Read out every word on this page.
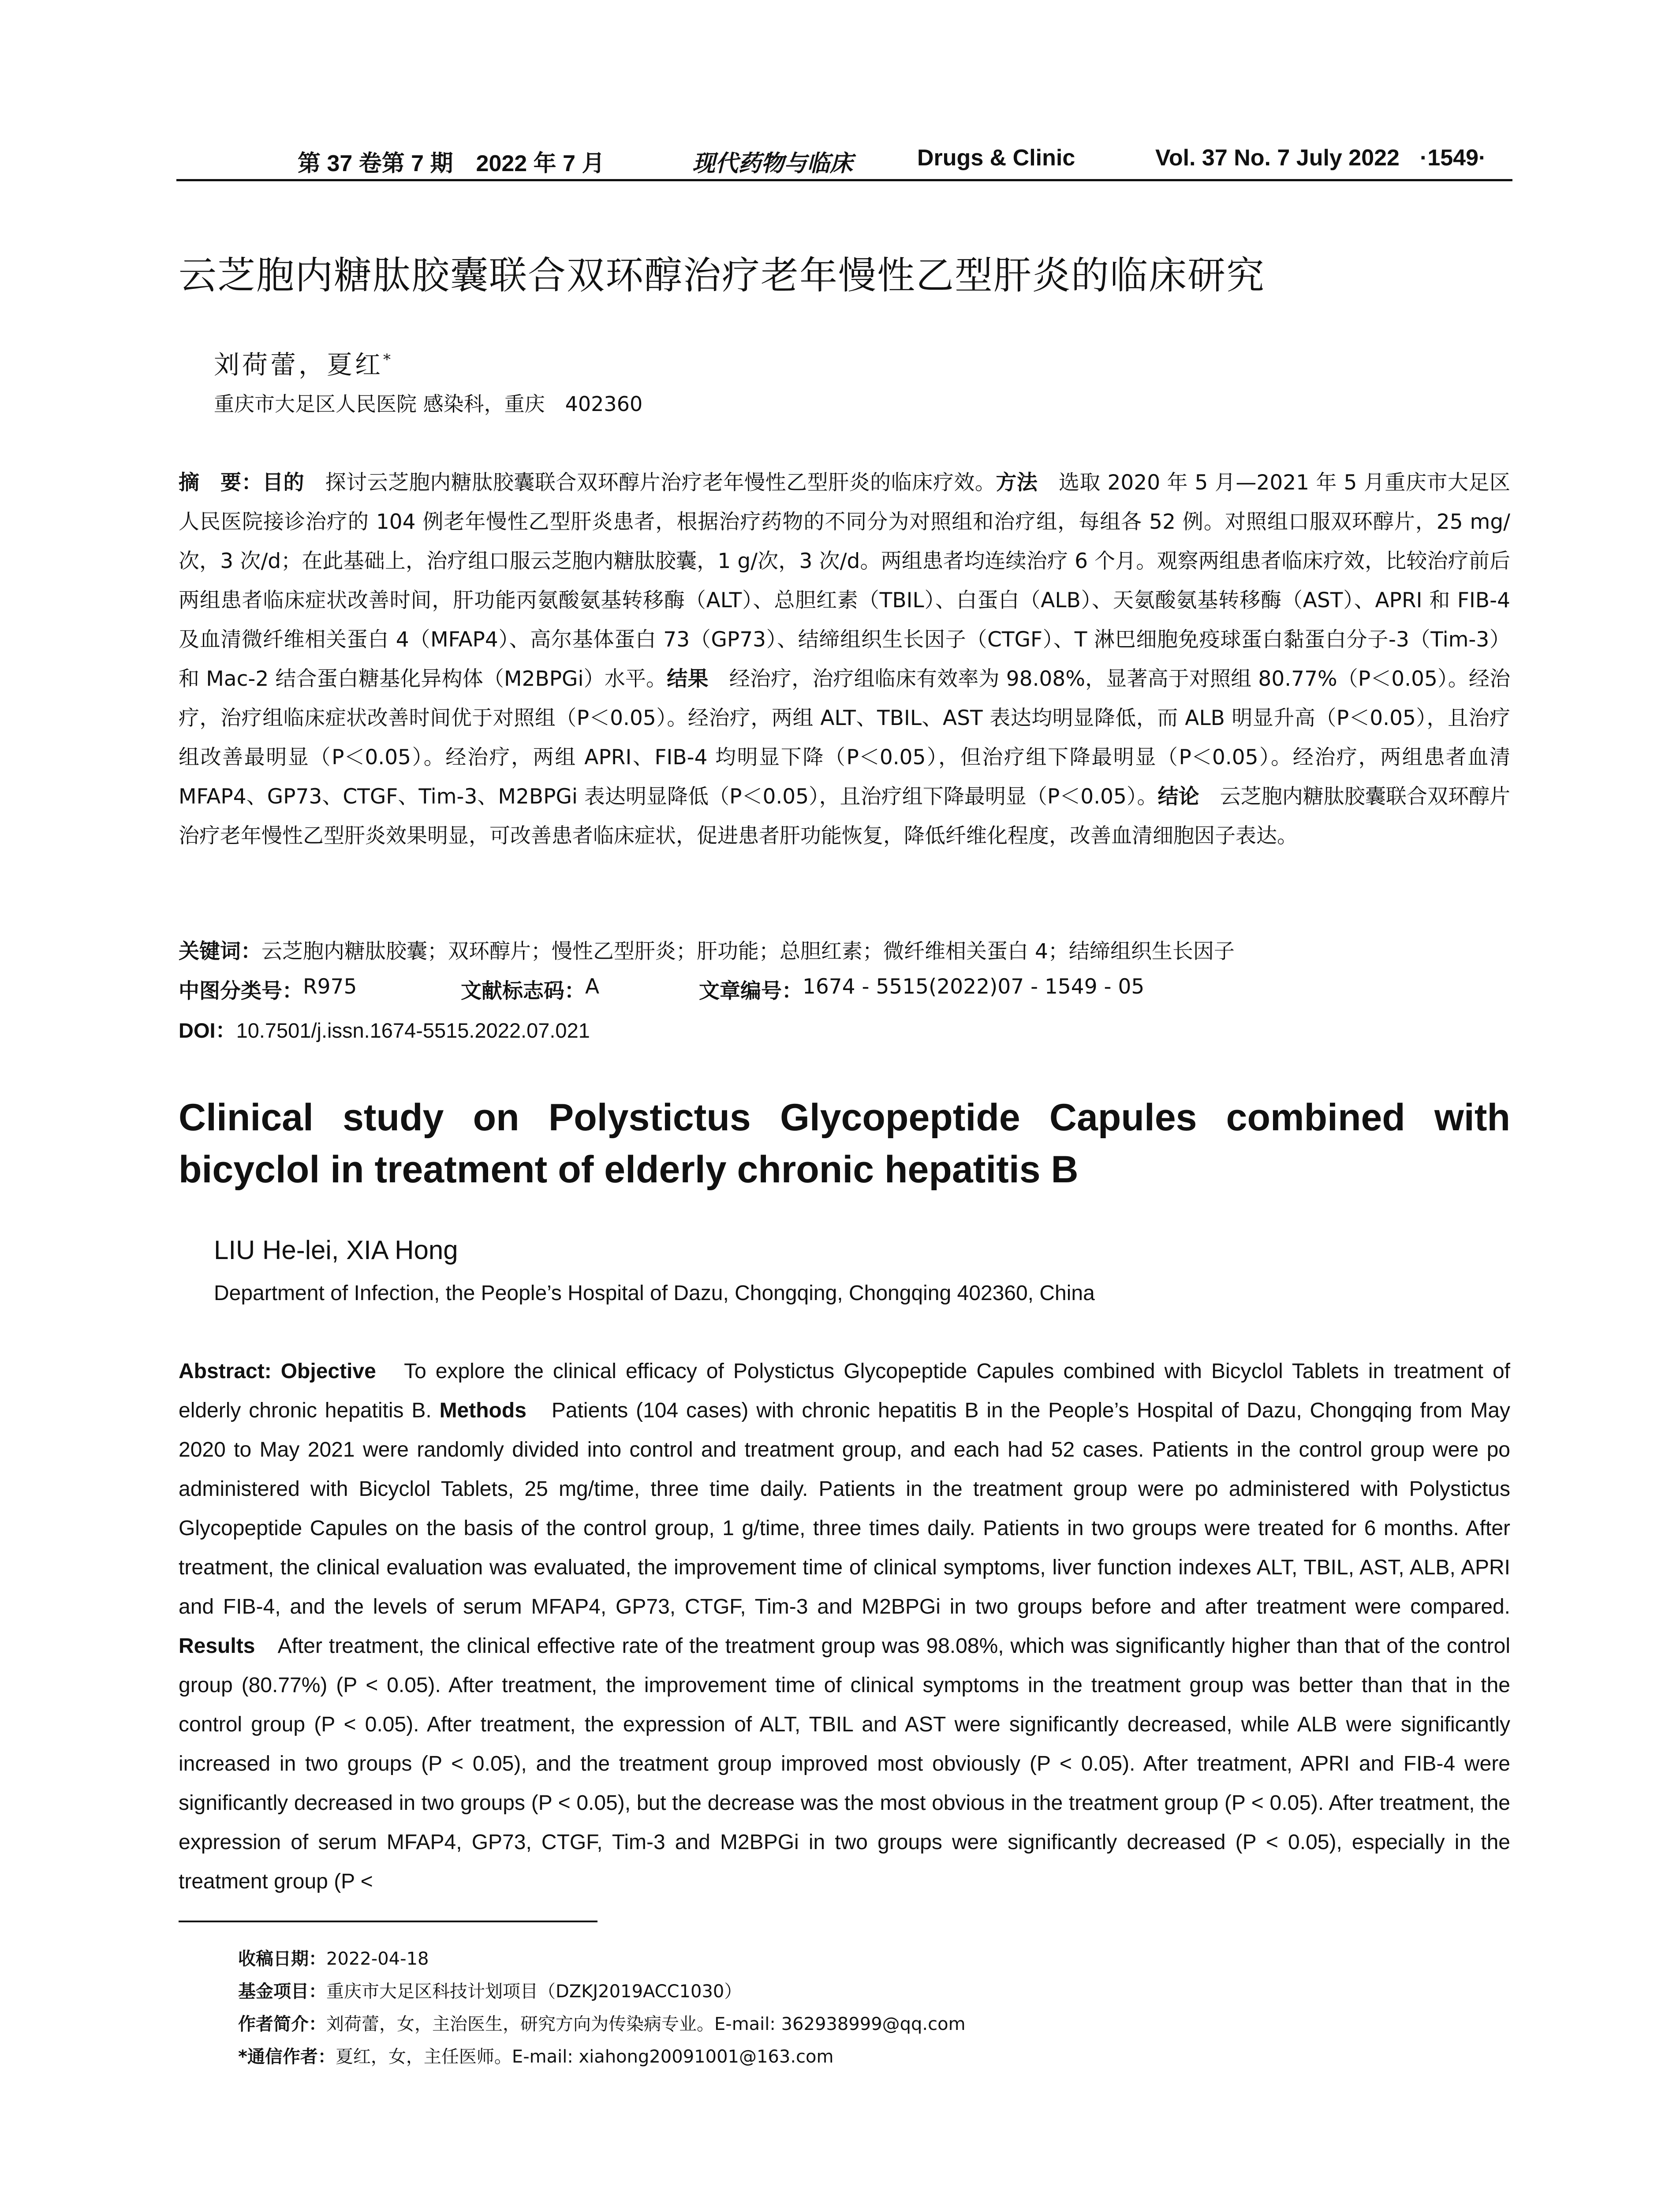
第 37 卷第 7 期　2022 年 7 月	现代药物与临床	Drugs & Clinic	Vol. 37 No. 7 July 2022 ·1549·
云芝胞内糖肽胶囊联合双环醇治疗老年慢性乙型肝炎的临床研究
刘荷蕾，夏红*
重庆市大足区人民医院 感染科，重庆　402360
摘　要：目的　探讨云芝胞内糖肽胶囊联合双环醇片治疗老年慢性乙型肝炎的临床疗效。方法　选取 2020 年 5 月—2021 年 5 月重庆市大足区人民医院接诊治疗的 104 例老年慢性乙型肝炎患者，根据治疗药物的不同分为对照组和治疗组，每组各 52 例。对照组口服双环醇片，25 mg/次，3 次/d；在此基础上，治疗组口服云芝胞内糖肽胶囊，1 g/次，3 次/d。两组患者均连续治疗 6 个月。观察两组患者临床疗效，比较治疗前后两组患者临床症状改善时间，肝功能丙氨酸氨基转移酶（ALT）、总胆红素（TBIL）、白蛋白（ALB）、天氨酸氨基转移酶（AST）、APRI 和 FIB-4 及血清微纤维相关蛋白 4（MFAP4）、高尔基体蛋白 73（GP73）、结缔组织生长因子（CTGF）、T 淋巴细胞免疫球蛋白黏蛋白分子-3（Tim-3）和 Mac-2 结合蛋白糖基化异构体（M2BPGi）水平。结果　经治疗，治疗组临床有效率为 98.08%，显著高于对照组 80.77%（P＜0.05）。经治疗，治疗组临床症状改善时间优于对照组（P＜0.05）。经治疗，两组 ALT、TBIL、AST 表达均明显降低，而 ALB 明显升高（P＜0.05），且治疗组改善最明显（P＜0.05）。经治疗，两组 APRI、FIB-4 均明显下降（P＜0.05），但治疗组下降最明显（P＜0.05）。经治疗，两组患者血清 MFAP4、GP73、CTGF、Tim-3、M2BPGi 表达明显降低（P＜0.05），且治疗组下降最明显（P＜0.05）。结论　云芝胞内糖肽胶囊联合双环醇片治疗老年慢性乙型肝炎效果明显，可改善患者临床症状，促进患者肝功能恢复，降低纤维化程度，改善血清细胞因子表达。
关键词：云芝胞内糖肽胶囊；双环醇片；慢性乙型肝炎；肝功能；总胆红素；微纤维相关蛋白 4；结缔组织生长因子
中图分类号： R975	文献标志码： A	文章编号： 1674 - 5515(2022)07 - 1549 - 05
DOI：10.7501/j.issn.1674-5515.2022.07.021
Clinical study on Polystictus Glycopeptide Capules combined with bicyclol in treatment of elderly chronic hepatitis B
LIU He-lei, XIA Hong
Department of Infection, the People’s Hospital of Dazu, Chongqing, Chongqing 402360, China
Abstract: Objective　To explore the clinical efficacy of Polystictus Glycopeptide Capules combined with Bicyclol Tablets in treatment of elderly chronic hepatitis B. Methods　Patients (104 cases) with chronic hepatitis B in the People’s Hospital of Dazu, Chongqing from May 2020 to May 2021 were randomly divided into control and treatment group, and each had 52 cases. Patients in the control group were po administered with Bicyclol Tablets, 25 mg/time, three time daily. Patients in the treatment group were po administered with Polystictus Glycopeptide Capules on the basis of the control group, 1 g/time, three times daily. Patients in two groups were treated for 6 months. After treatment, the clinical evaluation was evaluated, the improvement time of clinical symptoms, liver function indexes ALT, TBIL, AST, ALB, APRI and FIB-4, and the levels of serum MFAP4, GP73, CTGF, Tim-3 and M2BPGi in two groups before and after treatment were compared. Results　After treatment, the clinical effective rate of the treatment group was 98.08%, which was significantly higher than that of the control group (80.77%) (P < 0.05). After treatment, the improvement time of clinical symptoms in the treatment group was better than that in the control group (P < 0.05). After treatment, the expression of ALT, TBIL and AST were significantly decreased, while ALB were significantly increased in two groups (P < 0.05), and the treatment group improved most obviously (P < 0.05). After treatment, APRI and FIB-4 were significantly decreased in two groups (P < 0.05), but the decrease was the most obvious in the treatment group (P < 0.05). After treatment, the expression of serum MFAP4, GP73, CTGF, Tim-3 and M2BPGi in two groups were significantly decreased (P < 0.05), especially in the treatment group (P <
收稿日期：2022-04-18
基金项目：重庆市大足区科技计划项目（DZKJ2019ACC1030）
作者简介：刘荷蕾，女，主治医生，研究方向为传染病专业。E-mail: 362938999@qq.com
*通信作者：夏红，女，主任医师。E-mail: xiahong20091001@163.com
